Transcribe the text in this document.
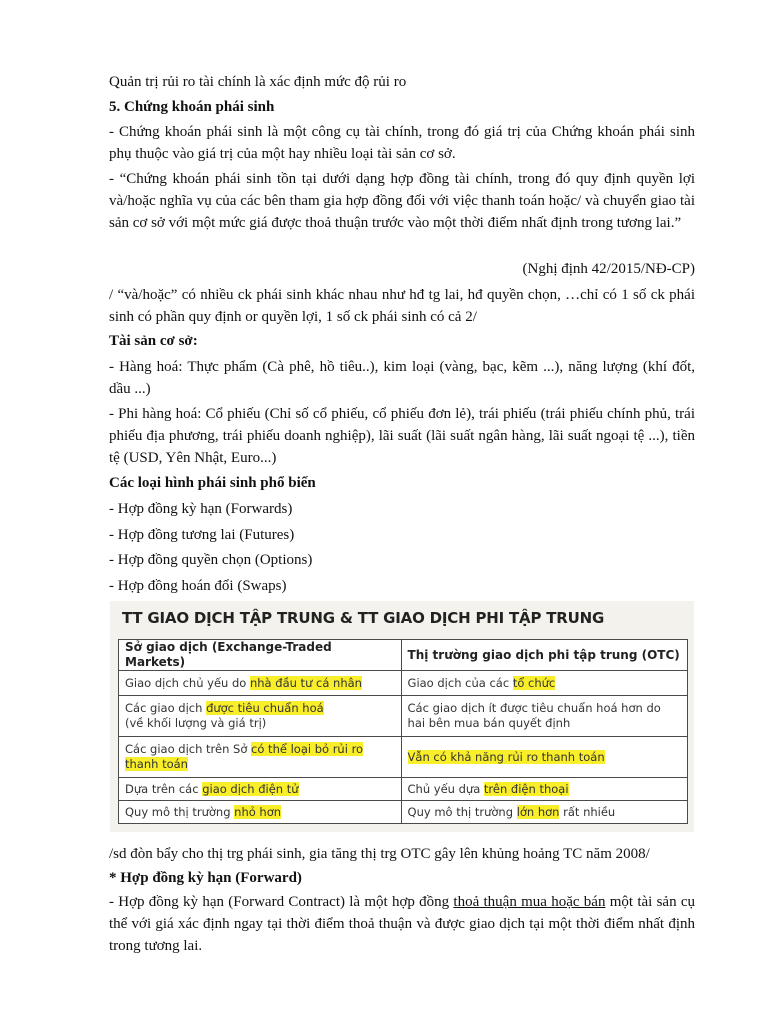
Quản trị rủi ro tài chính là xác định mức độ rủi ro
5. Chứng khoán phái sinh
- Chứng khoán phái sinh là một công cụ tài chính, trong đó giá trị của Chứng khoán phái sinh phụ thuộc vào giá trị của một hay nhiều loại tài sản cơ sở.
- “Chứng khoán phái sinh tồn tại dưới dạng hợp đồng tài chính, trong đó quy định quyền lợi và/hoặc nghĩa vụ của các bên tham gia hợp đồng đối với việc thanh toán hoặc/ và chuyển giao tài sản cơ sở với một mức giá được thoả thuận trước vào một thời điểm nhất định trong tương lai.”
(Nghị định 42/2015/NĐ-CP)
/ “và/hoặc” có nhiều ck phái sinh khác nhau như hđ tg lai, hđ quyền chọn, …chỉ có 1 số ck phái sinh có phần quy định or quyền lợi, 1 số ck phái sinh có cả 2/
Tài sản cơ sở:
- Hàng hoá: Thực phẩm (Cà phê, hồ tiêu..), kim loại (vàng, bạc, kẽm ...), năng lượng (khí đốt, dầu ...)
- Phi hàng hoá: Cổ phiếu (Chỉ số cổ phiếu, cổ phiếu đơn lẻ), trái phiếu (trái phiếu chính phủ, trái phiếu địa phương, trái phiếu doanh nghiệp), lãi suất (lãi suất ngân hàng, lãi suất ngoại tệ ...), tiền tệ (USD, Yên Nhật, Euro...)
Các loại hình phái sinh phổ biến
- Hợp đồng kỳ hạn (Forwards)
- Hợp đồng tương lai (Futures)
- Hợp đồng quyền chọn (Options)
- Hợp đồng hoán đổi (Swaps)
TT GIAO DỊCH TẬP TRUNG & TT GIAO DỊCH PHI TẬP TRUNG
Sở giao dịch (Exchange-Traded Markets)	Thị trường giao dịch phi tập trung (OTC)
Giao dịch chủ yếu do nhà đầu tư cá nhân	Giao dịch của các tổ chức
Các giao dịch được tiêu chuẩn hoá
(về khối lượng và giá trị)	Các giao dịch ít được tiêu chuẩn hoá hơn do hai bên mua bán quyết định
Các giao dịch trên Sở có thể loại bỏ rủi ro thanh toán	Vẫn có khả năng rủi ro thanh toán
Dựa trên các giao dịch điện tử	Chủ yếu dựa trên điện thoại
Quy mô thị trường nhỏ hơn	Quy mô thị trường lớn hơn rất nhiều
/sd đòn bẩy cho thị trg phái sinh, gia tăng thị trg OTC gây lên khủng hoảng TC năm 2008/
* Hợp đồng kỳ hạn (Forward)
- Hợp đồng kỳ hạn (Forward Contract) là một hợp đồng thoả thuận mua hoặc bán một tài sản cụ thể với giá xác định ngay tại thời điểm thoả thuận và được giao dịch tại một thời điểm nhất định trong tương lai.
